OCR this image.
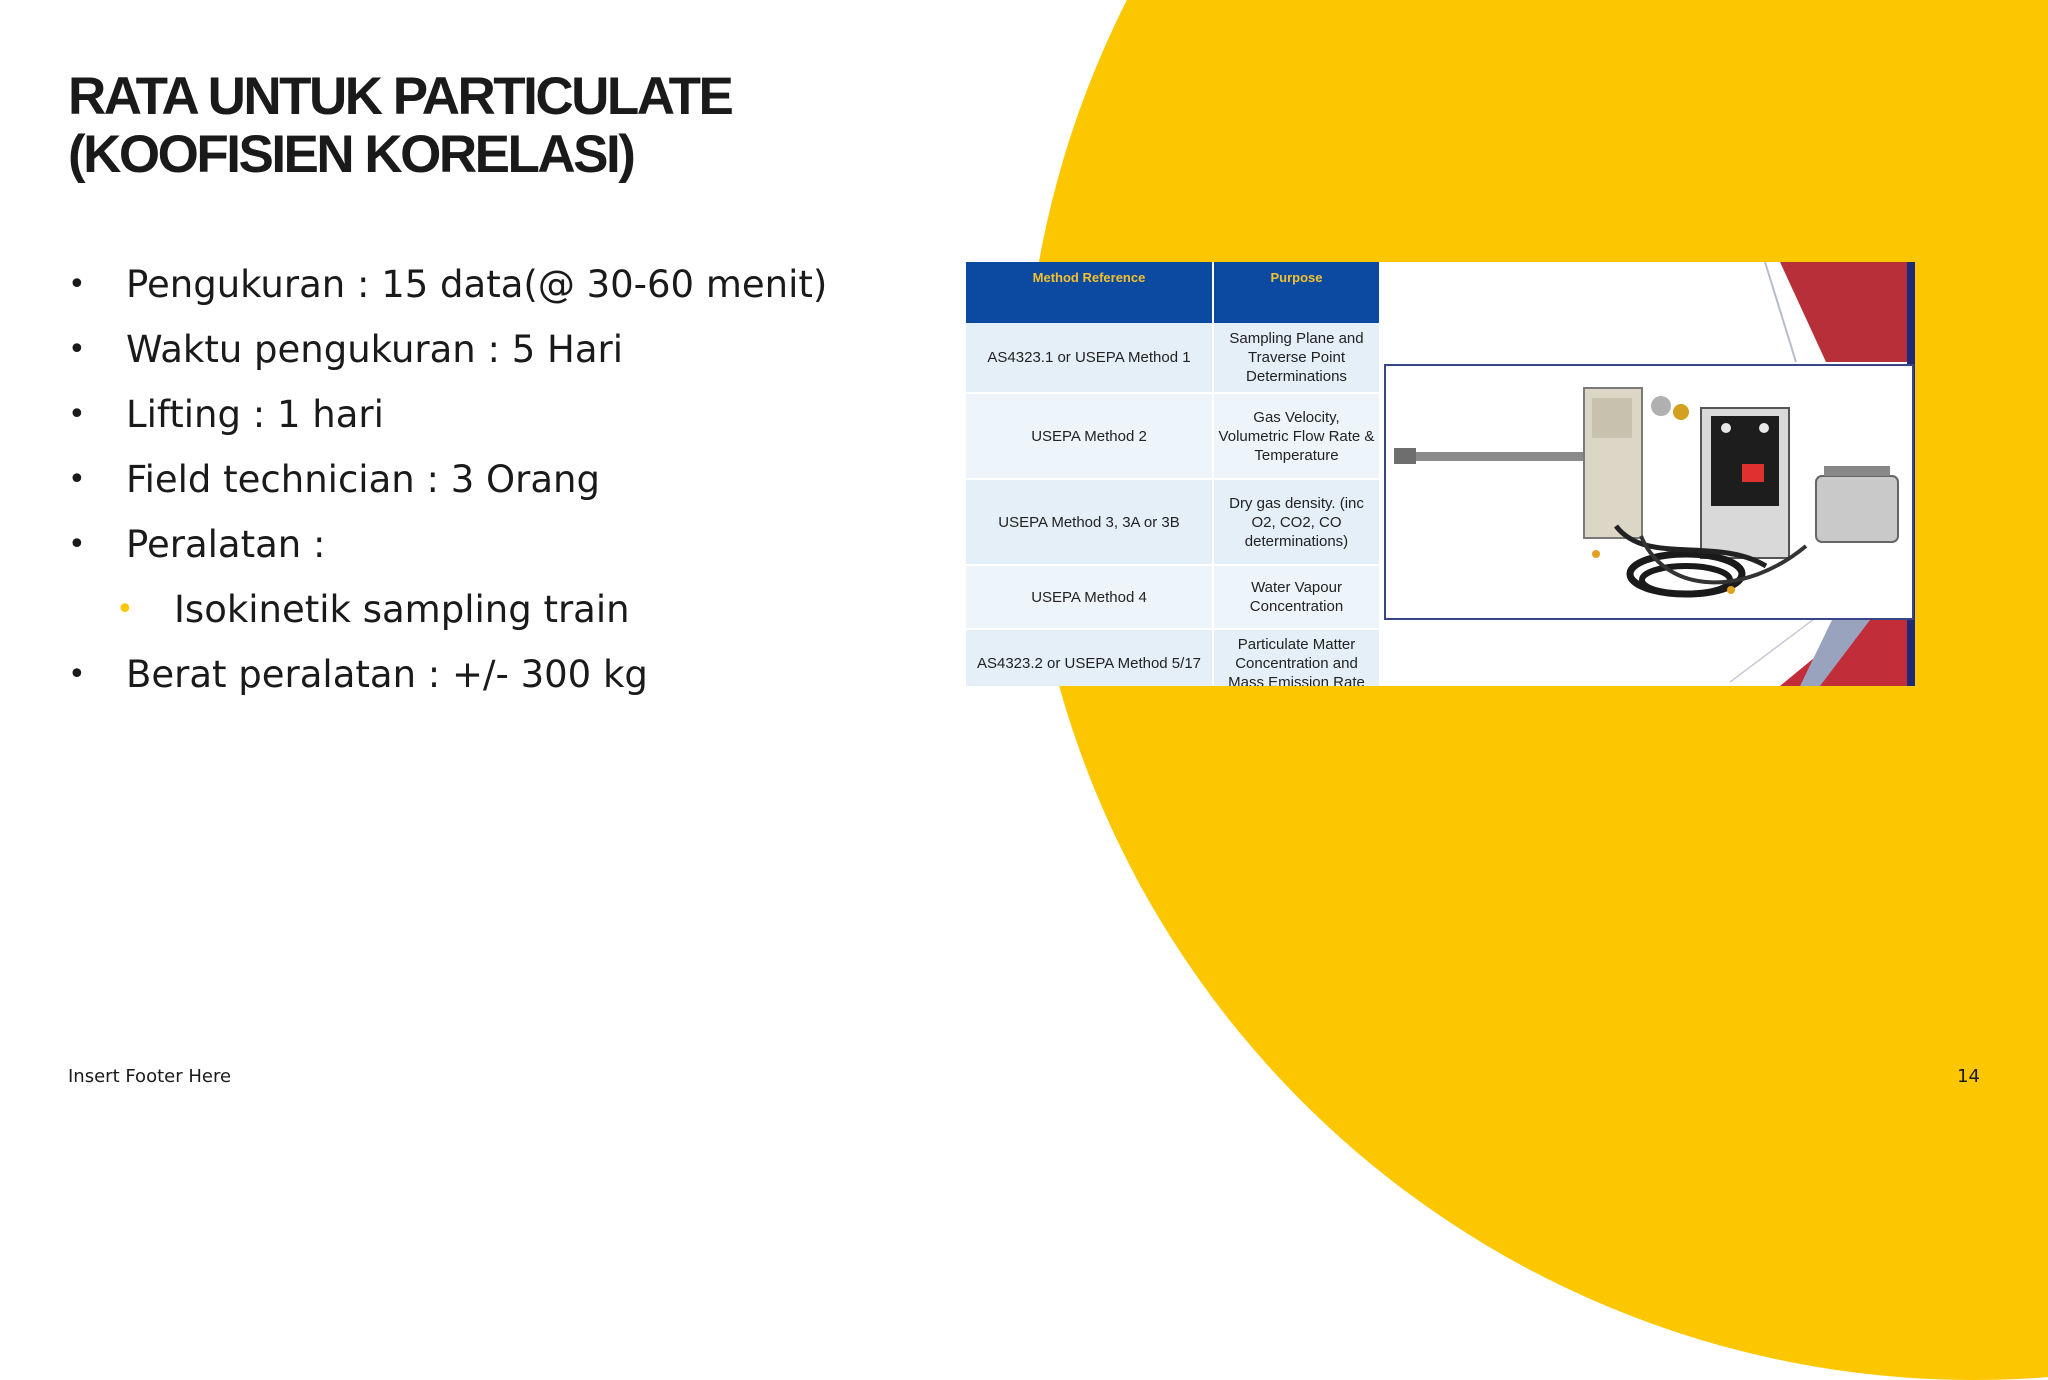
RATA UNTUK PARTICULATE
(KOOFISIEN KORELASI)
• Pengukuran : 15 data(@ 30-60 menit)
• Waktu pengukuran : 5 Hari
• Lifting : 1 hari
• Field technician : 3 Orang
• Peralatan :
• Isokinetik sampling train
• Berat peralatan : +/- 300 kg
Method Reference	Purpose
AS4323.1 or USEPA Method 1	Sampling Plane and Traverse Point Determinations
USEPA Method 2	Gas Velocity, Volumetric Flow Rate & Temperature
USEPA Method 3, 3A or 3B	Dry gas density. (inc O2, CO2, CO determinations)
USEPA Method 4	Water Vapour Concentration
AS4323.2 or USEPA Method 5/17	Particulate Matter Concentration and Mass Emission Rate
Insert Footer Here	14
